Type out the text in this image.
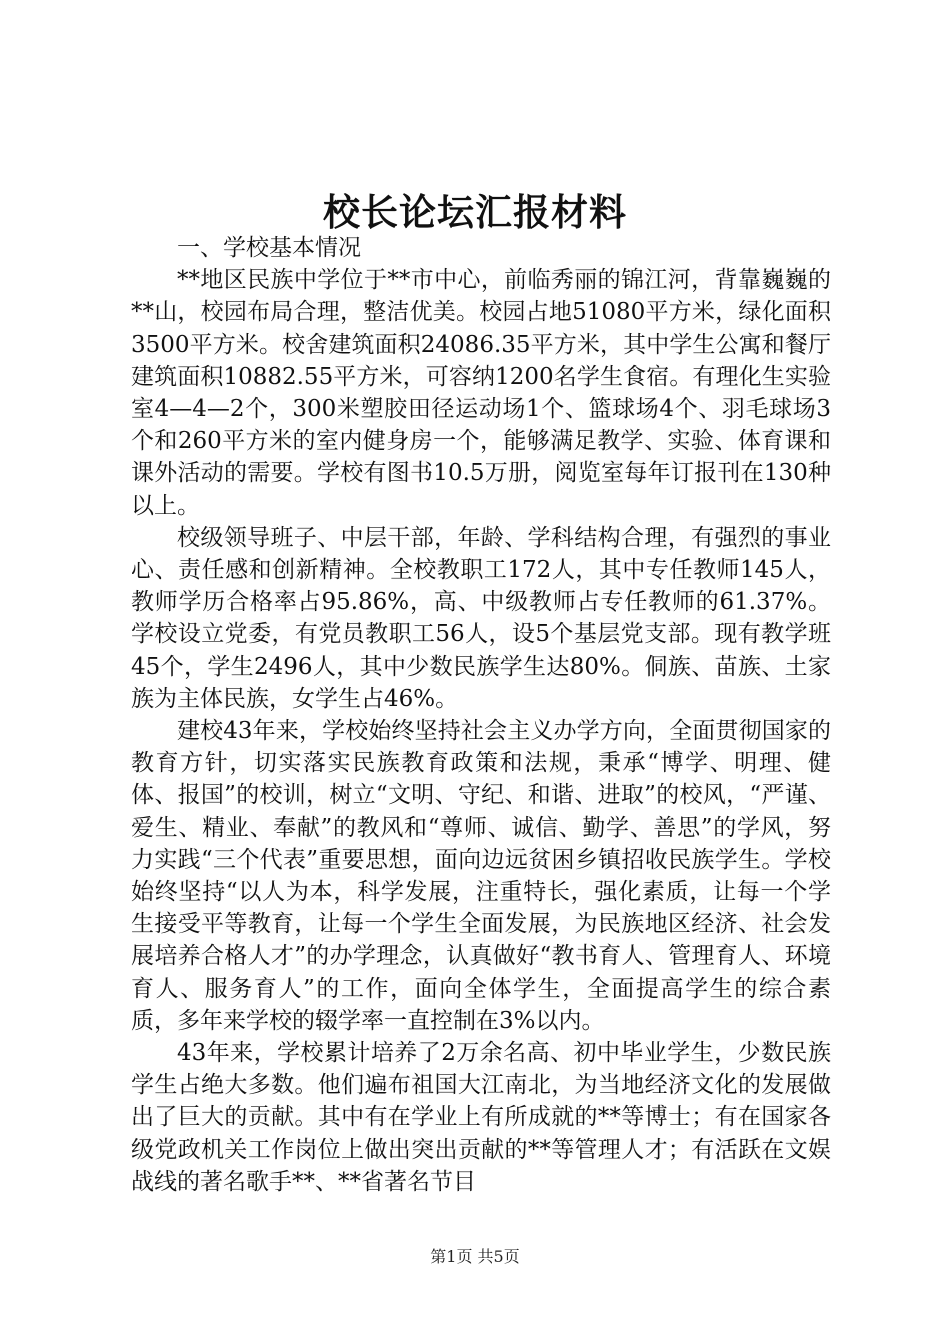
校长论坛汇报材料

一、学校基本情况

**地区民族中学位于**市中心，前临秀丽的锦江河，背靠巍巍的**山，校园布局合理，整洁优美。校园占地51080平方米，绿化面积3500平方米。校舍建筑面积24086.35平方米，其中学生公寓和餐厅建筑面积10882.55平方米，可容纳1200名学生食宿。有理化生实验室4—4—2个，300米塑胶田径运动场1个、篮球场4个、羽毛球场3个和260平方米的室内健身房一个，能够满足教学、实验、体育课和课外活动的需要。学校有图书10.5万册，阅览室每年订报刊在130种以上。

校级领导班子、中层干部，年龄、学科结构合理，有强烈的事业心、责任感和创新精神。全校教职工172人，其中专任教师145人，教师学历合格率占95.86%，高、中级教师占专任教师的61.37%。学校设立党委，有党员教职工56人，设5个基层党支部。现有教学班45个，学生2496人，其中少数民族学生达80%。侗族、苗族、土家族为主体民族，女学生占46%。

建校43年来，学校始终坚持社会主义办学方向，全面贯彻国家的教育方针，切实落实民族教育政策和法规，秉承“博学、明理、健体、报国”的校训，树立“文明、守纪、和谐、进取”的校风，“严谨、爱生、精业、奉献”的教风和“尊师、诚信、勤学、善思”的学风，努力实践“三个代表”重要思想，面向边远贫困乡镇招收民族学生。学校始终坚持“以人为本，科学发展，注重特长，强化素质，让每一个学生接受平等教育，让每一个学生全面发展，为民族地区经济、社会发展培养合格人才”的办学理念，认真做好“教书育人、管理育人、环境育人、服务育人”的工作，面向全体学生，全面提高学生的综合素质，多年来学校的辍学率一直控制在3%以内。

43年来，学校累计培养了2万余名高、初中毕业学生，少数民族学生占绝大多数。他们遍布祖国大江南北，为当地经济文化的发展做出了巨大的贡献。其中有在学业上有所成就的**等博士；有在国家各级党政机关工作岗位上做出突出贡献的**等管理人才；有活跃在文娱战线的著名歌手**、**省著名节目

第1页 共5页
